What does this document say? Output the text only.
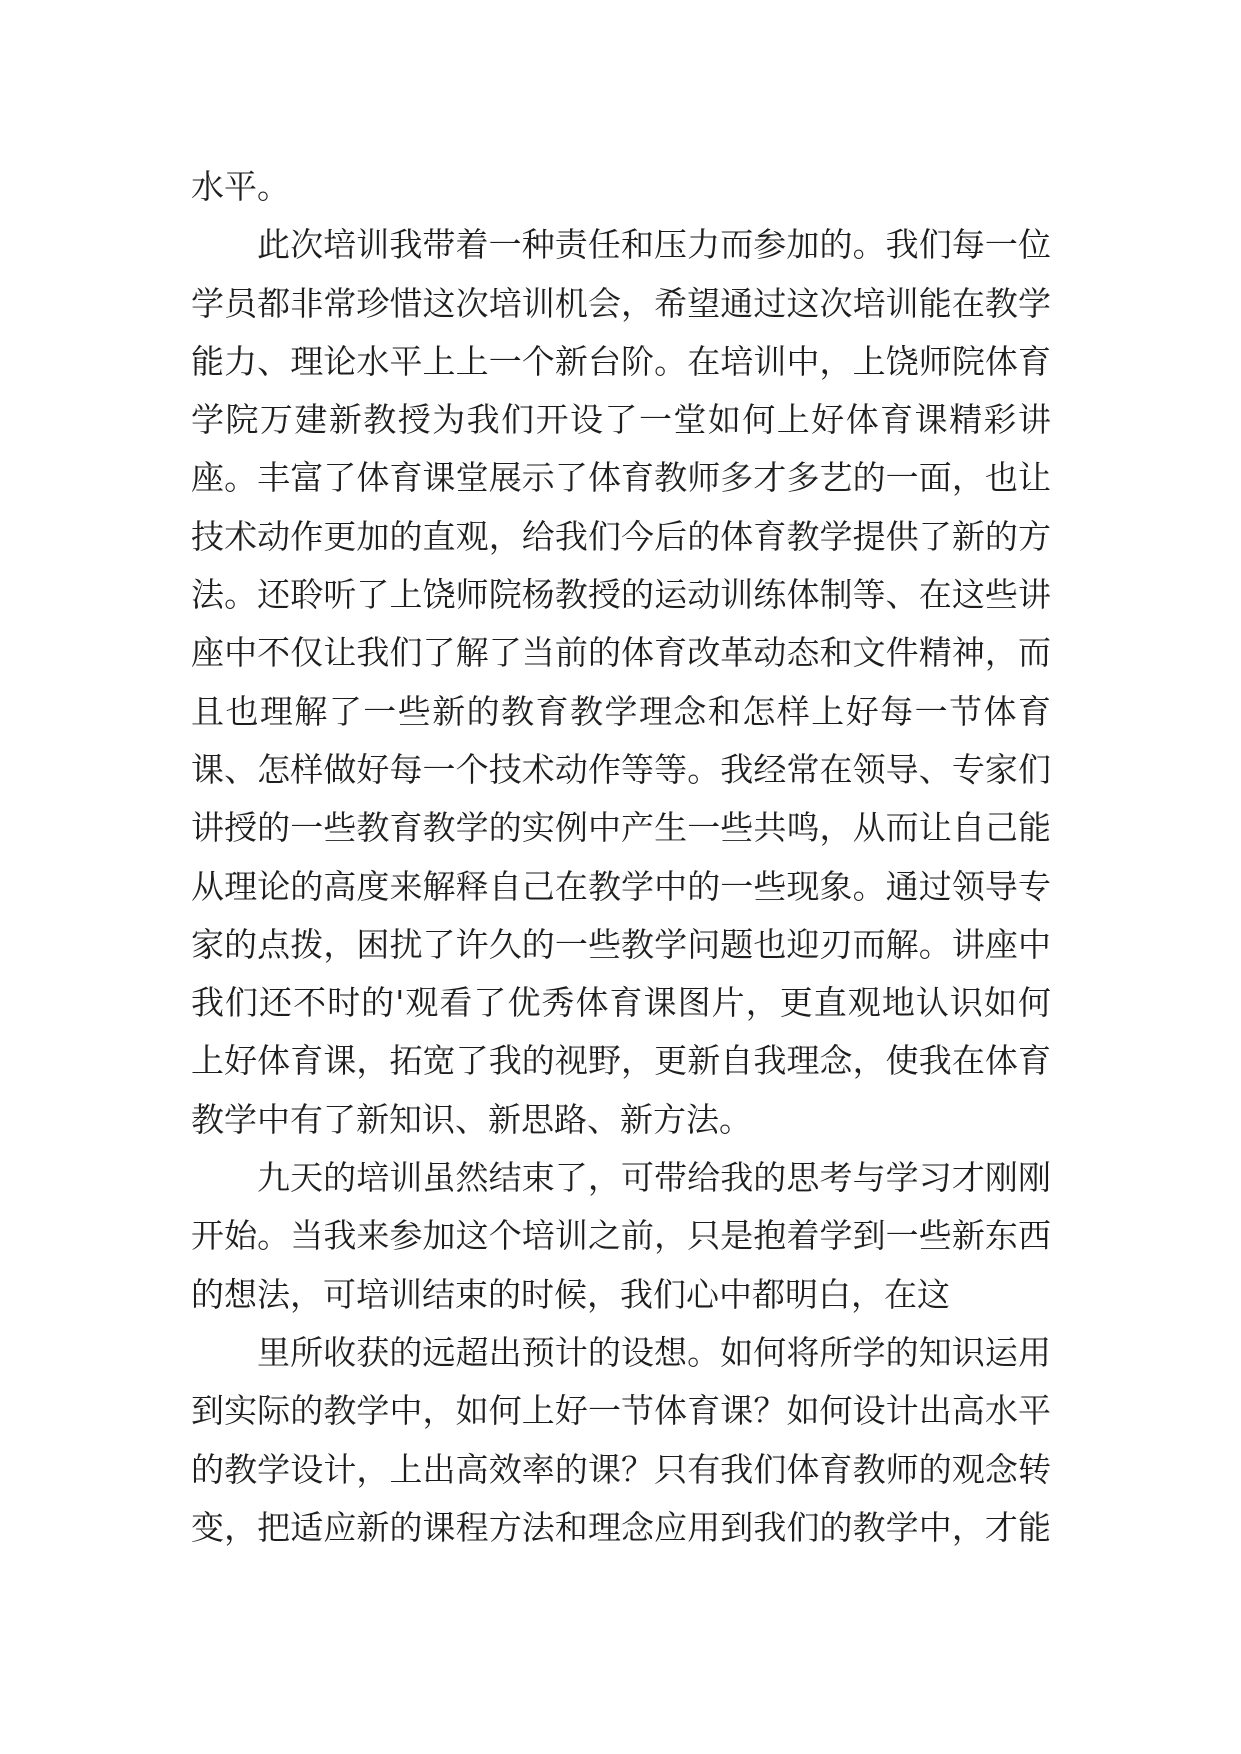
水平。
此次培训我带着一种责任和压力而参加的。我们每一位
学员都非常珍惜这次培训机会，希望通过这次培训能在教学
能力、理论水平上上一个新台阶。在培训中，上饶师院体育
学院万建新教授为我们开设了一堂如何上好体育课精彩讲
座。丰富了体育课堂展示了体育教师多才多艺的一面，也让
技术动作更加的直观，给我们今后的体育教学提供了新的方
法。还聆听了上饶师院杨教授的运动训练体制等、在这些讲
座中不仅让我们了解了当前的体育改革动态和文件精神，而
且也理解了一些新的教育教学理念和怎样上好每一节体育
课、怎样做好每一个技术动作等等。我经常在领导、专家们
讲授的一些教育教学的实例中产生一些共鸣，从而让自己能
从理论的高度来解释自己在教学中的一些现象。通过领导专
家的点拨，困扰了许久的一些教学问题也迎刃而解。讲座中
我们还不时的'观看了优秀体育课图片，更直观地认识如何
上好体育课，拓宽了我的视野，更新自我理念，使我在体育
教学中有了新知识、新思路、新方法。
九天的培训虽然结束了，可带给我的思考与学习才刚刚
开始。当我来参加这个培训之前，只是抱着学到一些新东西
的想法，可培训结束的时候，我们心中都明白，在这
里所收获的远超出预计的设想。如何将所学的知识运用
到实际的教学中，如何上好一节体育课？如何设计出高水平
的教学设计，上出高效率的课？只有我们体育教师的观念转
变，把适应新的课程方法和理念应用到我们的教学中，才能
